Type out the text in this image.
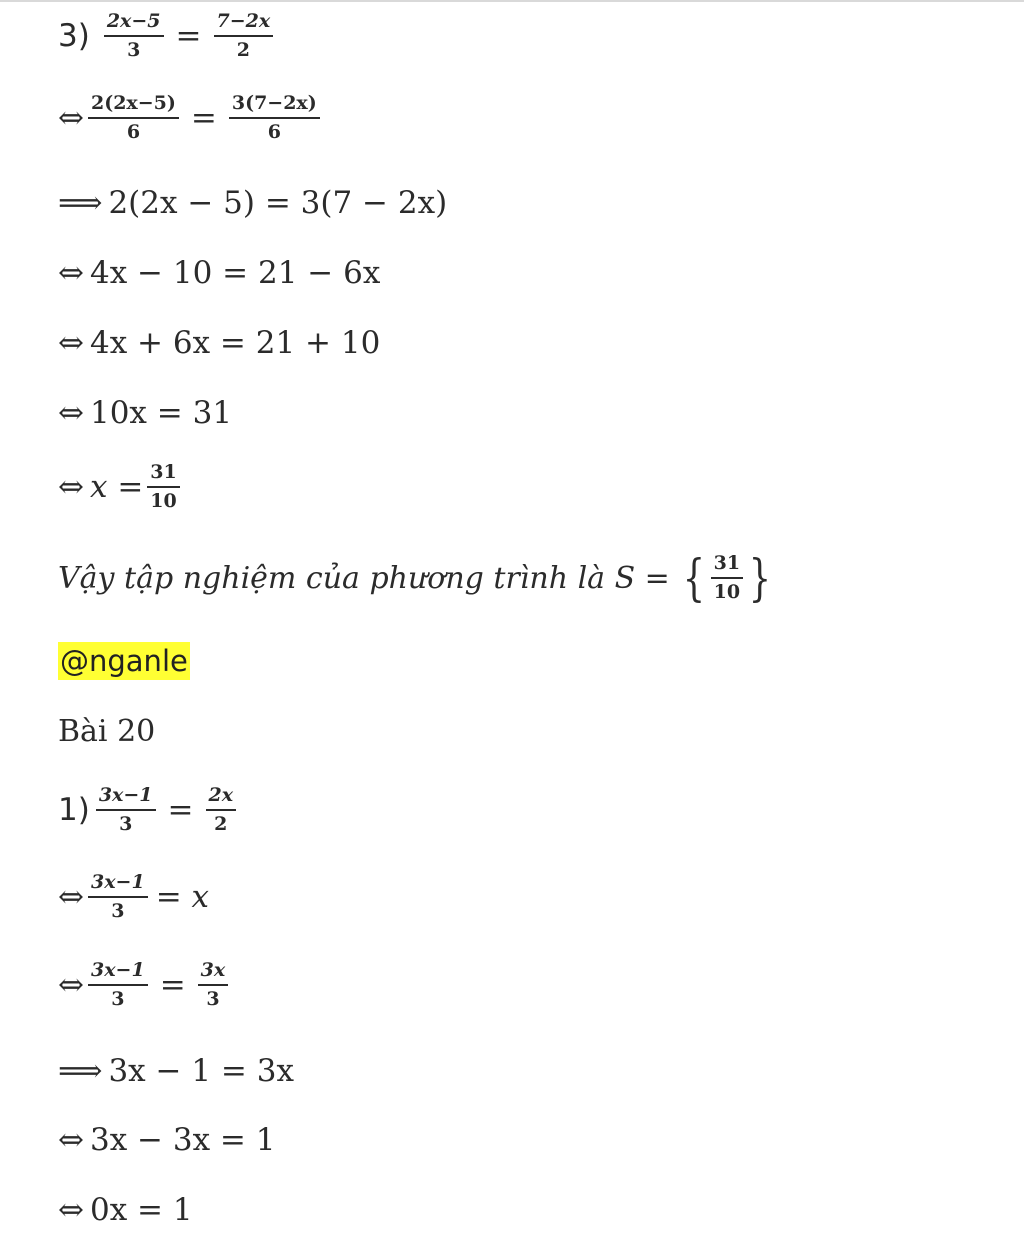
$3) \frac{2x-5}{3} = \frac{7-2x}{2}$
⇔ $\frac{2(2x-5)}{6} = \frac{3(7-2x)}{6}$
⟹ 2(2x − 5) = 3(7 − 2x)
⇔ 4x − 10 = 21 − 6x
⇔ 4x + 6x = 21 + 10
⇔ 10x = 31
⇔ $x = \frac{31}{10}$
Vậy tập nghiệm của phương trình là S = { $\frac{31}{10}$ }
@nganle
Bài 20
$1) \frac{3x-1}{3} = \frac{2x}{2}$
⇔ $\frac{3x-1}{3} = x$
⇔ $\frac{3x-1}{3} = \frac{3x}{3}$
⟹ 3x − 1 = 3x
⇔ 3x − 3x = 1
⇔ 0x = 1
